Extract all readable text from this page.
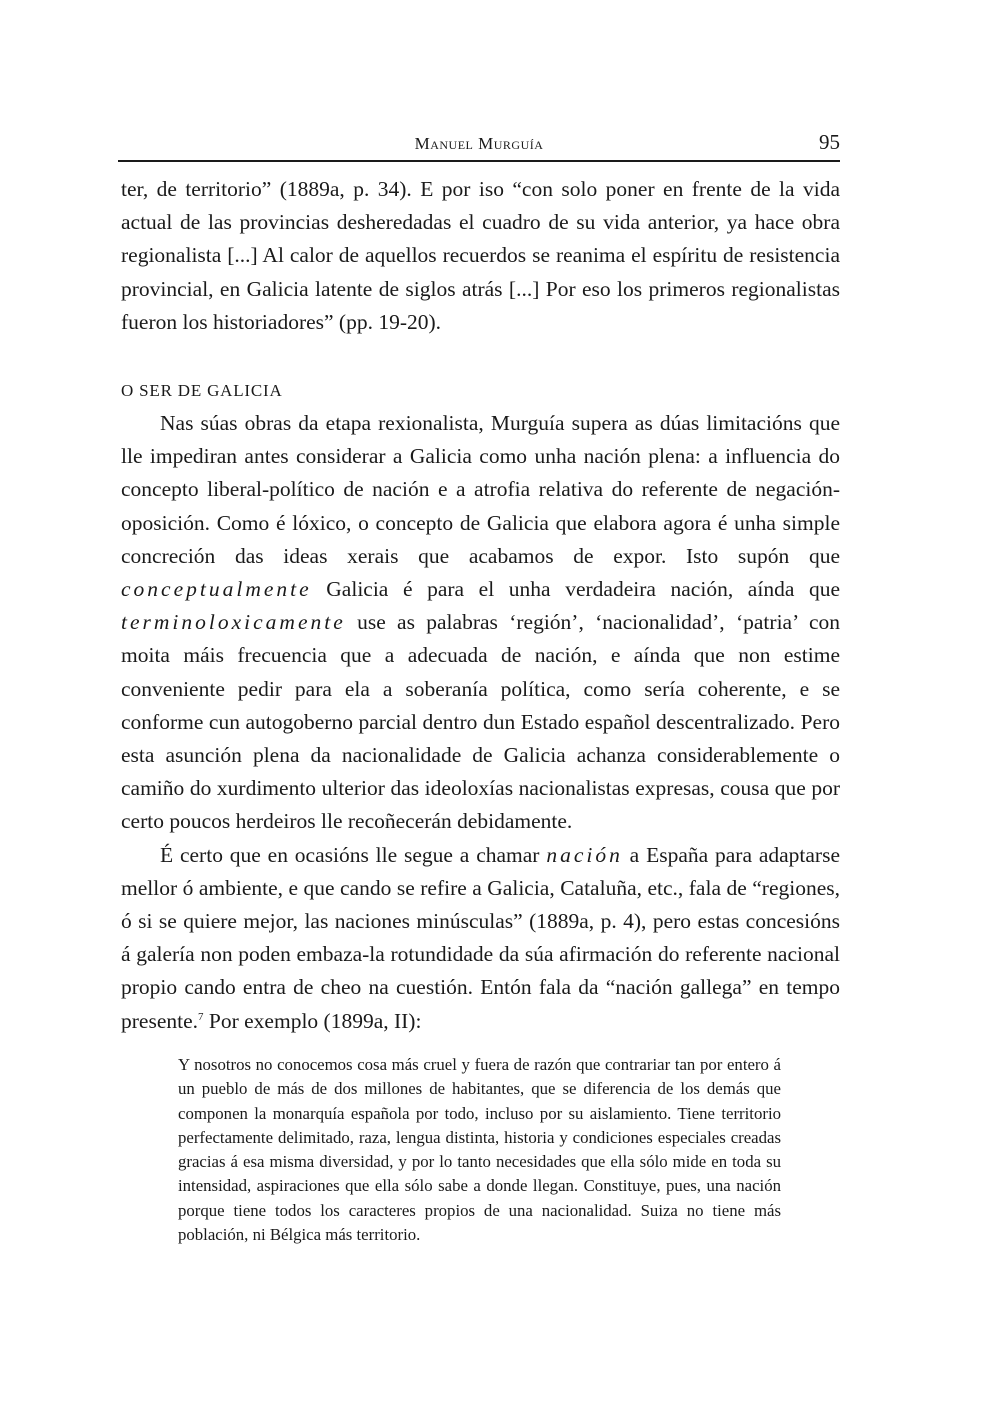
Manuel Murguía	95

ter, de territorio” (1889a, p. 34). E por iso “con solo poner en frente de la vida actual de las provincias desheredadas el cuadro de su vida anterior, ya hace obra regionalista [...] Al calor de aquellos recuerdos se reanima el espíritu de resistencia provincial, en Galicia latente de siglos atrás [...] Por eso los primeros regionalistas fueron los historiadores” (pp. 19-20).

O SER DE GALICIA

Nas súas obras da etapa rexionalista, Murguía supera as dúas limitacións que lle impediran antes considerar a Galicia como unha nación plena: a influencia do concepto liberal-político de nación e a atrofia relativa do referente de negación-oposición. Como é lóxico, o concepto de Galicia que elabora agora é unha simple concreción das ideas xerais que acabamos de expor. Isto supón que conceptualmente Galicia é para el unha verdadeira nación, aínda que terminoloxicamente use as palabras ‘región’, ‘nacionalidad’, ‘patria’ con moita máis frecuencia que a adecuada de nación, e aínda que non estime conveniente pedir para ela a soberanía política, como sería coherente, e se conforme cun autogoberno parcial dentro dun Estado español descentralizado. Pero esta asunción plena da nacionalidade de Galicia achanza considerablemente o camiño do xurdimento ulterior das ideoloxías nacionalistas expresas, cousa que por certo poucos herdeiros lle recoñecerán debidamente.

É certo que en ocasións lle segue a chamar nación a España para adaptarse mellor ó ambiente, e que cando se refire a Galicia, Cataluña, etc., fala de “regiones, ó si se quiere mejor, las naciones minúsculas” (1889a, p. 4), pero estas concesións á galería non poden embaza-la rotundidade da súa afirmación do referente nacional propio cando entra de cheo na cuestión. Entón fala da “nación gallega” en tempo presente.$^7$ Por exemplo (1899a, II):

Y nosotros no conocemos cosa más cruel y fuera de razón que contrariar tan por entero á un pueblo de más de dos millones de habitantes, que se diferencia de los demás que componen la monarquía española por todo, incluso por su aislamiento. Tiene territorio perfectamente delimitado, raza, lengua distinta, historia y condiciones especiales creadas gracias á esa misma diversidad, y por lo tanto necesidades que ella sólo mide en toda su intensidad, aspiraciones que ella sólo sabe a donde llegan. Constituye, pues, una nación porque tiene todos los caracteres propios de una nacionalidad. Suiza no tiene más población, ni Bélgica más territorio.
